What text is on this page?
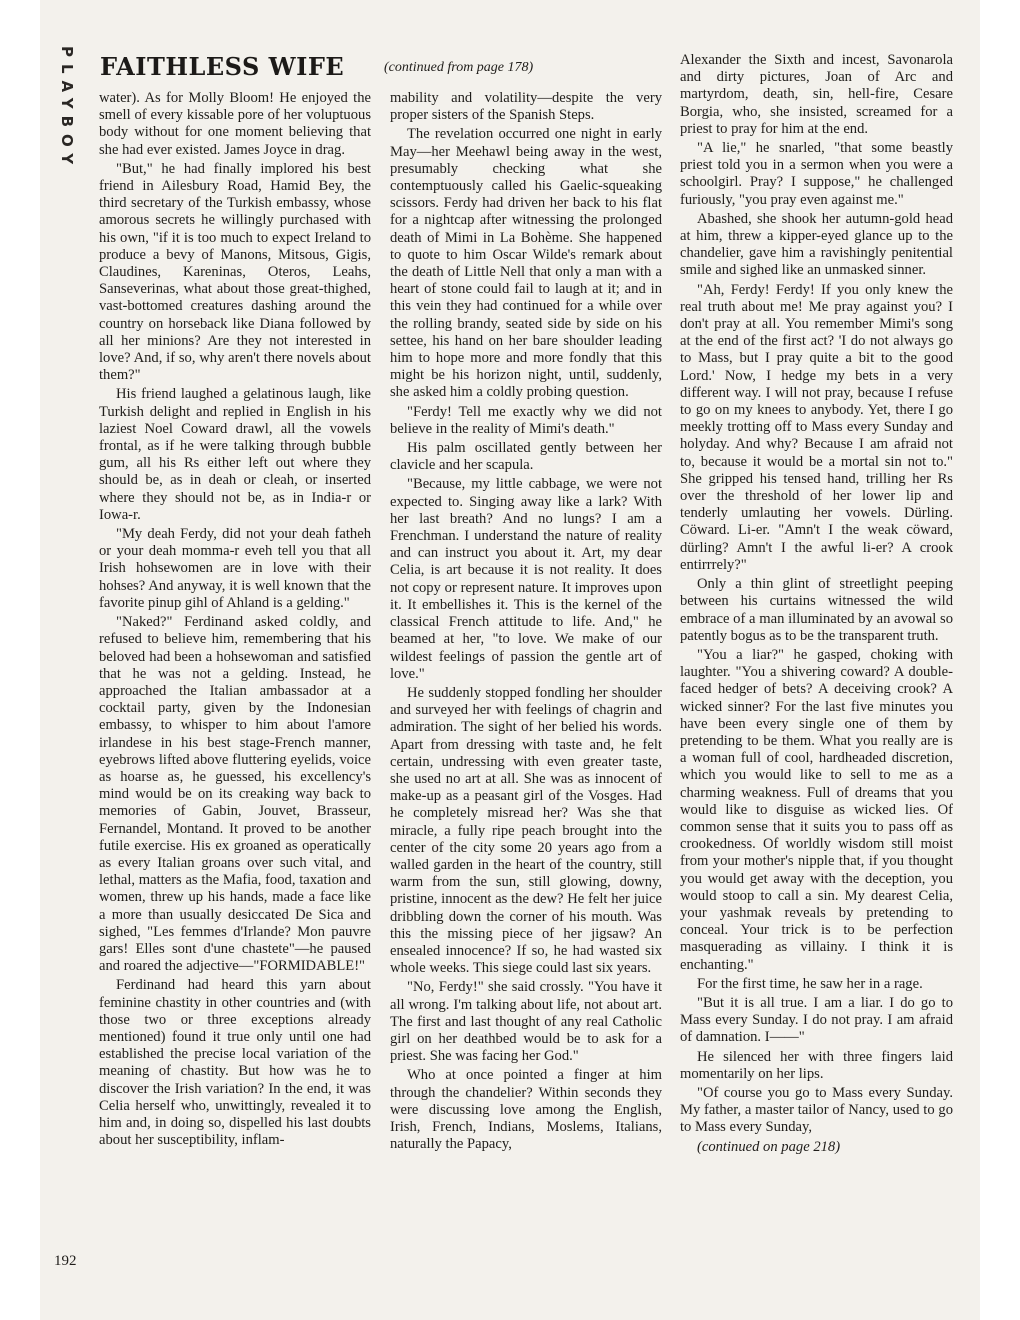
PLAYBOY
192
FAITHLESS WIFE	(continued from page 178)

water). As for Molly Bloom! He enjoyed the smell of every kissable pore of her voluptuous body without for one moment believing that she had ever existed. James Joyce in drag.

"But," he had finally implored his best friend in Ailesbury Road, Hamid Bey, the third secretary of the Turkish embassy, whose amorous secrets he willingly purchased with his own, "if it is too much to expect Ireland to produce a bevy of Manons, Mitsous, Gigis, Claudines, Kareninas, Oteros, Leahs, Sanseverinas, what about those great-thighed, vast-bottomed creatures dashing around the country on horseback like Diana followed by all her minions? Are they not interested in love? And, if so, why aren't there novels about them?"

His friend laughed a gelatinous laugh, like Turkish delight and replied in English in his laziest Noel Coward drawl, all the vowels frontal, as if he were talking through bubble gum, all his Rs either left out where they should be, as in deah or cleah, or inserted where they should not be, as in India-r or Iowa-r.

"My deah Ferdy, did not your deah fatheh or your deah momma-r eveh tell you that all Irish hohsewomen are in love with their hohses? And anyway, it is well known that the favorite pinup gihl of Ahland is a gelding."

"Naked?" Ferdinand asked coldly, and refused to believe him, remembering that his beloved had been a hohsewoman and satisfied that he was not a gelding. Instead, he approached the Italian ambassador at a cocktail party, given by the Indonesian embassy, to whisper to him about l'amore irlandese in his best stage-French manner, eyebrows lifted above fluttering eyelids, voice as hoarse as, he guessed, his excellency's mind would be on its creaking way back to memories of Gabin, Jouvet, Brasseur, Fernandel, Montand. It proved to be another futile exercise. His ex groaned as operatically as every Italian groans over such vital, and lethal, matters as the Mafia, food, taxation and women, threw up his hands, made a face like a more than usually desiccated De Sica and sighed, "Les femmes d'Irlande? Mon pauvre gars! Elles sont d'une chastete"—he paused and roared the adjective—"FORMIDABLE!"

Ferdinand had heard this yarn about feminine chastity in other countries and (with those two or three exceptions already mentioned) found it true only until one had established the precise local variation of the meaning of chastity. But how was he to discover the Irish variation? In the end, it was Celia herself who, unwittingly, revealed it to him and, in doing so, dispelled his last doubts about her susceptibility, inflam-

mability and volatility—despite the very proper sisters of the Spanish Steps.

The revelation occurred one night in early May—her Meehawl being away in the west, presumably checking what she contemptuously called his Gaelic-squeaking scissors. Ferdy had driven her back to his flat for a nightcap after witnessing the prolonged death of Mimi in La Bohème. She happened to quote to him Oscar Wilde's remark about the death of Little Nell that only a man with a heart of stone could fail to laugh at it; and in this vein they had continued for a while over the rolling brandy, seated side by side on his settee, his hand on her bare shoulder leading him to hope more and more fondly that this might be his horizon night, until, suddenly, she asked him a coldly probing question.

"Ferdy! Tell me exactly why we did not believe in the reality of Mimi's death."

His palm oscillated gently between her clavicle and her scapula.

"Because, my little cabbage, we were not expected to. Singing away like a lark? With her last breath? And no lungs? I am a Frenchman. I understand the nature of reality and can instruct you about it. Art, my dear Celia, is art because it is not reality. It does not copy or represent nature. It improves upon it. It embellishes it. This is the kernel of the classical French attitude to life. And," he beamed at her, "to love. We make of our wildest feelings of passion the gentle art of love."

He suddenly stopped fondling her shoulder and surveyed her with feelings of chagrin and admiration. The sight of her belied his words. Apart from dressing with taste and, he felt certain, undressing with even greater taste, she used no art at all. She was as innocent of make-up as a peasant girl of the Vosges. Had he completely misread her? Was she that miracle, a fully ripe peach brought into the center of the city some 20 years ago from a walled garden in the heart of the country, still warm from the sun, still glowing, downy, pristine, innocent as the dew? He felt her juice dribbling down the corner of his mouth. Was this the missing piece of her jigsaw? An ensealed innocence? If so, he had wasted six whole weeks. This siege could last six years.

"No, Ferdy!" she said crossly. "You have it all wrong. I'm talking about life, not about art. The first and last thought of any real Catholic girl on her deathbed would be to ask for a priest. She was facing her God."

Who at once pointed a finger at him through the chandelier? Within seconds they were discussing love among the English, Irish, French, Indians, Moslems, Italians, naturally the Papacy,

Alexander the Sixth and incest, Savonarola and dirty pictures, Joan of Arc and martyrdom, death, sin, hell-fire, Cesare Borgia, who, she insisted, screamed for a priest to pray for him at the end.

"A lie," he snarled, "that some beastly priest told you in a sermon when you were a schoolgirl. Pray? I suppose," he challenged furiously, "you pray even against me."

Abashed, she shook her autumn-gold head at him, threw a kipper-eyed glance up to the chandelier, gave him a ravishingly penitential smile and sighed like an unmasked sinner.

"Ah, Ferdy! Ferdy! If you only knew the real truth about me! Me pray against you? I don't pray at all. You remember Mimi's song at the end of the first act? 'I do not always go to Mass, but I pray quite a bit to the good Lord.' Now, I hedge my bets in a very different way. I will not pray, because I refuse to go on my knees to anybody. Yet, there I go meekly trotting off to Mass every Sunday and holyday. And why? Because I am afraid not to, because it would be a mortal sin not to." She gripped his tensed hand, trilling her Rs over the threshold of her lower lip and tenderly umlauting her vowels. Dürling. Cöward. Li-er. "Amn't I the weak cöward, dürling? Amn't I the awful li-er? A crook entirrrely?"

Only a thin glint of streetlight peeping between his curtains witnessed the wild embrace of a man illuminated by an avowal so patently bogus as to be the transparent truth.

"You a liar?" he gasped, choking with laughter. "You a shivering coward? A double-faced hedger of bets? A deceiving crook? A wicked sinner? For the last five minutes you have been every single one of them by pretending to be them. What you really are is a woman full of cool, hardheaded discretion, which you would like to sell to me as a charming weakness. Full of dreams that you would like to disguise as wicked lies. Of common sense that it suits you to pass off as crookedness. Of worldly wisdom still moist from your mother's nipple that, if you thought you would get away with the deception, you would stoop to call a sin. My dearest Celia, your yashmak reveals by pretending to conceal. Your trick is to be perfection masquerading as villainy. I think it is enchanting."

For the first time, he saw her in a rage.

"But it is all true. I am a liar. I do go to Mass every Sunday. I do not pray. I am afraid of damnation. I——"

He silenced her with three fingers laid momentarily on her lips.

"Of course you go to Mass every Sunday. My father, a master tailor of Nancy, used to go to Mass every Sunday,

(continued on page 218)
